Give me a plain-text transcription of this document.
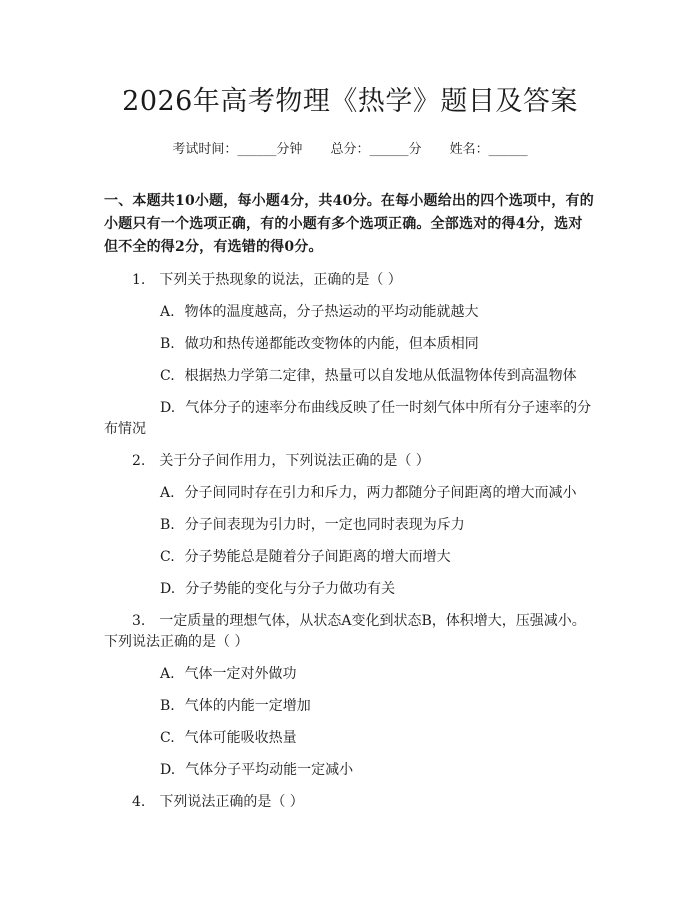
2026年高考物理《热学》题目及答案
考试时间：______分钟 总分：______分 姓名：______
一、本题共10小题，每小题4分，共40分。在每小题给出的四个选项中，有的小题只有一个选项正确，有的小题有多个选项正确。全部选对的得4分，选对但不全的得2分，有选错的得0分。
1. 下列关于热现象的说法，正确的是（ ）
A. 物体的温度越高，分子热运动的平均动能就越大
B. 做功和热传递都能改变物体的内能，但本质相同
C. 根据热力学第二定律，热量可以自发地从低温物体传到高温物体
D. 气体分子的速率分布曲线反映了任一时刻气体中所有分子速率的分布情况
2. 关于分子间作用力，下列说法正确的是（ ）
A. 分子间同时存在引力和斥力，两力都随分子间距离的增大而减小
B. 分子间表现为引力时，一定也同时表现为斥力
C. 分子势能总是随着分子间距离的增大而增大
D. 分子势能的变化与分子力做功有关
3. 一定质量的理想气体，从状态A变化到状态B，体积增大，压强减小。下列说法正确的是（ ）
A. 气体一定对外做功
B. 气体的内能一定增加
C. 气体可能吸收热量
D. 气体分子平均动能一定减小
4. 下列说法正确的是（ ）
